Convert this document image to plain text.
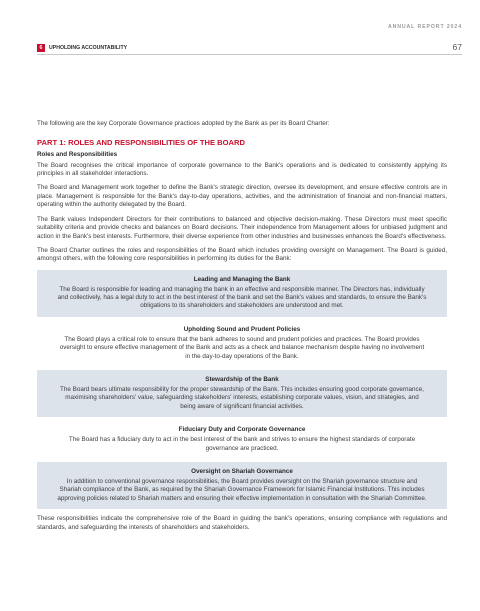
ANNUAL REPORT 2024
6	UPHOLDING ACCOUNTABILITY	67

The following are the key Corporate Governance practices adopted by the Bank as per its Board Charter:

PART 1: ROLES AND RESPONSIBILITIES OF THE BOARD
Roles and Responsibilities

The Board recognises the critical importance of corporate governance to the Bank's operations and is dedicated to consistently applying its principles in all stakeholder interactions.

The Board and Management work together to define the Bank's strategic direction, oversee its development, and ensure effective controls are in place. Management is responsible for the Bank's day-to-day operations, activities, and the administration of financial and non-financial matters, operating within the authority delegated by the Board.

The Bank values Independent Directors for their contributions to balanced and objective decision-making. These Directors must meet specific suitability criteria and provide checks and balances on Board decisions. Their independence from Management allows for unbiased judgment and action in the Bank's best interests. Furthermore, their diverse experience from other industries and businesses enhances the Board's effectiveness.

The Board Charter outlines the roles and responsibilities of the Board which includes providing oversight on Management. The Board is guided, amongst others, with the following core responsibilities in performing its duties for the Bank:

Leading and Managing the Bank
The Board is responsible for leading and managing the bank in an effective and responsible manner. The Directors has, individually and collectively, has a legal duty to act in the best interest of the bank and set the Bank's values and standards, to ensure the Bank's obligations to its shareholders and stakeholders are understood and met.
Upholding Sound and Prudent Policies
The Board plays a critical role to ensure that the bank adheres to sound and prudent policies and practices. The Board provides oversight to ensure effective management of the Bank and acts as a check and balance mechanism despite having no involvement in the day-to-day operations of the Bank.
Stewardship of the Bank
The Board bears ultimate responsibility for the proper stewardship of the Bank. This includes ensuring good corporate governance, maximising shareholders' value, safeguarding stakeholders' interests, establishing corporate values, vision, and strategies, and being aware of significant financial activities.
Fiduciary Duty and Corporate Governance
The Board has a fiduciary duty to act in the best interest of the bank and strives to ensure the highest standards of corporate governance are practiced.
Oversight on Shariah Governance
In addition to conventional governance responsibilities, the Board provides oversight on the Shariah governance structure and Shariah compliance of the Bank, as required by the Shariah Governance Framework for Islamic Financial Institutions. This includes approving policies related to Shariah matters and ensuring their effective implementation in consultation with the Shariah Committee.

These responsibilities indicate the comprehensive role of the Board in guiding the bank's operations, ensuring compliance with regulations and standards, and safeguarding the interests of shareholders and stakeholders.
